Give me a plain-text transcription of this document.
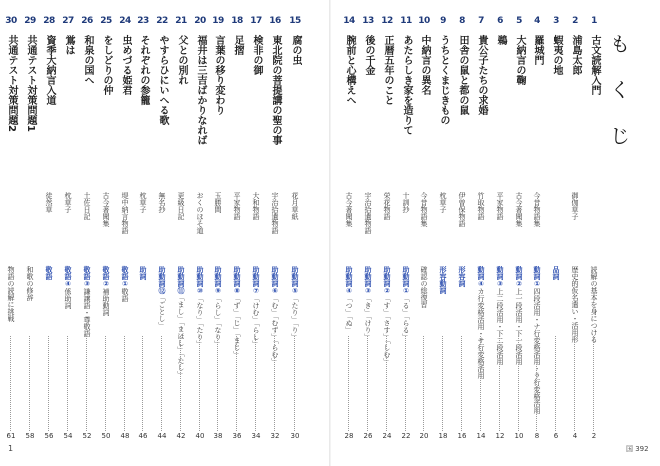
も
く
じ
1
古文読解入門
読解の基本を身につける
2
2
浦島太郎
御伽草子
歴史的仮名遣い・活用形
4
3
蝦夷の地
品詞
6
4
羅城門
今昔物語集
動詞①四段活用・ナ行変格活用・ラ行変格活用
8
5
大納言の鞠
古今著聞集
動詞②上一段活用・下一段活用
10
6
鵜
平家物語
動詞③上二段活用・下二段活用
12
7
貴公子たちの求婚
竹取物語
動詞④カ行変格活用・サ行変格活用
14
8
田舎の鼠と都の鼠
伊曽保物語
形容詞
16
9
うちとくまじきもの
枕草子
形容動詞
18
10
中納言の異名
今昔物語集
確認の総復習
20
11
あたらしき家を造りて
十訓抄
助動詞①「る」「らる」
22
12
正暦五年のこと
栄花物語
助動詞②「す」「さす」「しむ」
24
13
後の千金
宇治拾遺物語
助動詞③「き」「けり」
26
14
腕前と心構えへ
古今著聞集
助動詞④「つ」「ぬ」
28
15
腐の虫
花月草紙
助動詞⑤「たり」「り」
30
16
東北院の菩提講の聖の事
宇治拾遺物語
助動詞⑥「む」「むず」「らむ」
32
17
検非の御
大和物語
助動詞⑦「けむ」「らし」
34
18
足摺
平家物語
助動詞⑧「ず」「じ」「まじ」
36
19
言葉の移り変わり
玉勝間
助動詞⑨「らし」「なり」
38
20
福井は三吉ばかりなれば
おくのほそ道
助動詞⑩「なり」「たり」
40
21
父との別れ
更級日記
助動詞⑪「まし」「まほし」「たし」
42
22
やすらひにいへる歌
無名抄
助動詞⑫「ごとし」
44
23
それぞれの参籠
枕草子
助詞
46
24
虫めづる姫君
堤中納言物語
敬語①敬語
48
25
をしどりの仲
古今著聞集
敬語②補助動詞
50
26
和泉の国へ
土佐日記
敬語③謙譲語・尊敬語
52
27
鴬は
枕草子
敬語④係助詞
54
28
資季大納言入道
徒然草
敬語
56
29
共通テスト対策問題1
和歌の修辞
58
30
共通テスト対策問題2
物語の読解に挑戦
61
1	国 392
